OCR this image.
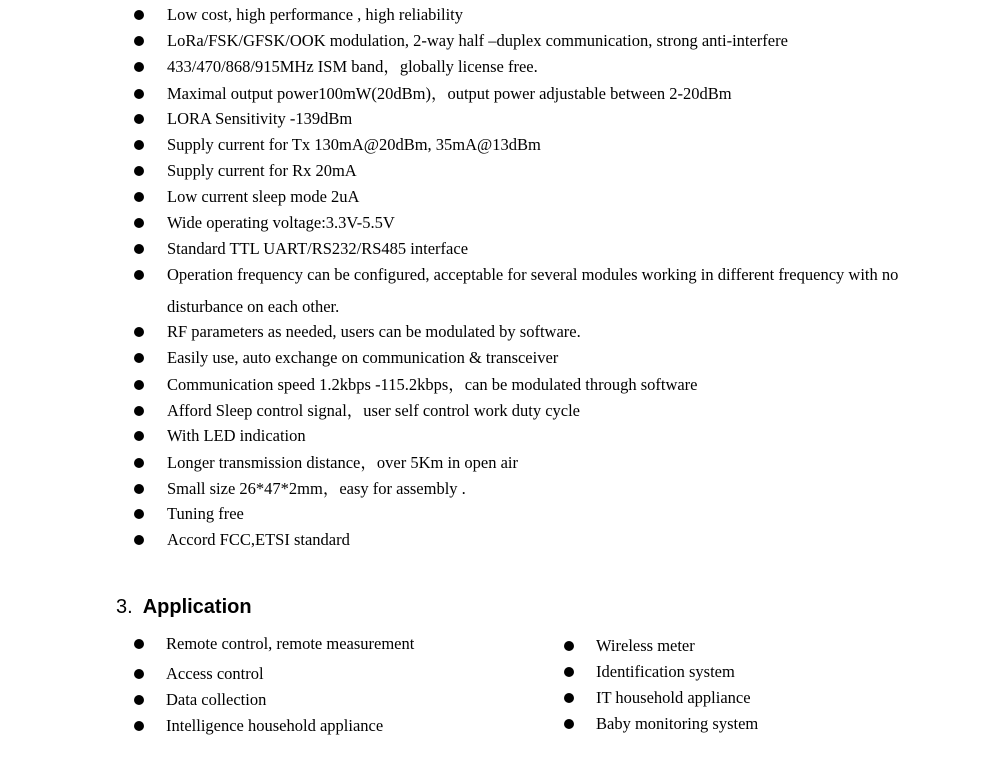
Low cost, high performance , high reliability
LoRa/FSK/GFSK/OOK modulation, 2-way half –duplex communication, strong anti-interfere
433/470/868/915MHz ISM band，globally license free.
Maximal output power100mW(20dBm)，output power adjustable between 2-20dBm
LORA Sensitivity -139dBm
Supply current for Tx 130mA@20dBm, 35mA@13dBm
Supply current for Rx 20mA
Low current sleep mode 2uA
Wide operating voltage:3.3V-5.5V
Standard TTL UART/RS232/RS485 interface
Operation frequency can be configured, acceptable for several modules working in different frequency with no disturbance on each other.
RF parameters as needed, users can be modulated by software.
Easily use, auto exchange on communication & transceiver
Communication speed 1.2kbps -115.2kbps，can be modulated through software
Afford Sleep control signal，user self control work duty cycle
With LED indication
Longer transmission distance，over 5Km in open air
Small size 26*47*2mm，easy for assembly .
Tuning free
Accord FCC,ETSI standard
3. Application
Remote control, remote measurement
Access control
Data collection
Intelligence household appliance
Wireless meter
Identification system
IT household appliance
Baby monitoring system
